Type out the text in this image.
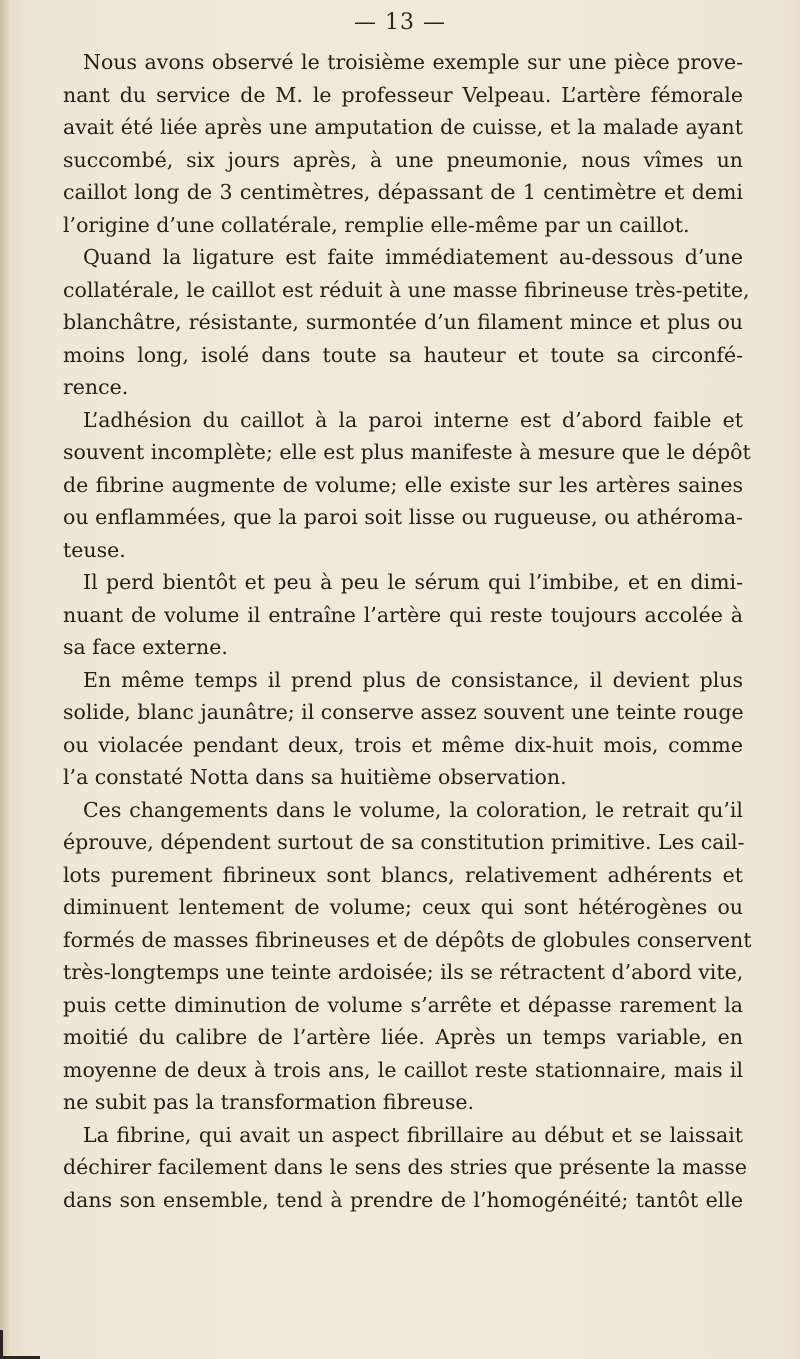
— 13 —
Nous avons observé le troisième exemple sur une pièce prove-
nant du service de M. le professeur Velpeau. L’artère fémorale
avait été liée après une amputation de cuisse, et la malade ayant
succombé, six jours après, à une pneumonie, nous vîmes un
caillot long de 3 centimètres, dépassant de 1 centimètre et demi
l’origine d’une collatérale, remplie elle-même par un caillot.
Quand la ligature est faite immédiatement au-dessous d’une
collatérale, le caillot est réduit à une masse fibrineuse très-petite,
blanchâtre, résistante, surmontée d’un filament mince et plus ou
moins long, isolé dans toute sa hauteur et toute sa circonfé-
rence.
L’adhésion du caillot à la paroi interne est d’abord faible et
souvent incomplète; elle est plus manifeste à mesure que le dépôt
de fibrine augmente de volume; elle existe sur les artères saines
ou enflammées, que la paroi soit lisse ou rugueuse, ou athéroma-
teuse.
Il perd bientôt et peu à peu le sérum qui l’imbibe, et en dimi-
nuant de volume il entraîne l’artère qui reste toujours accolée à
sa face externe.
En même temps il prend plus de consistance, il devient plus
solide, blanc jaunâtre; il conserve assez souvent une teinte rouge
ou violacée pendant deux, trois et même dix-huit mois, comme
l’a constaté Notta dans sa huitième observation.
Ces changements dans le volume, la coloration, le retrait qu’il
éprouve, dépendent surtout de sa constitution primitive. Les cail-
lots purement fibrineux sont blancs, relativement adhérents et
diminuent lentement de volume; ceux qui sont hétérogènes ou
formés de masses fibrineuses et de dépôts de globules conservent
très-longtemps une teinte ardoisée; ils se rétractent d’abord vite,
puis cette diminution de volume s’arrête et dépasse rarement la
moitié du calibre de l’artère liée. Après un temps variable, en
moyenne de deux à trois ans, le caillot reste stationnaire, mais il
ne subit pas la transformation fibreuse.
La fibrine, qui avait un aspect fibrillaire au début et se laissait
déchirer facilement dans le sens des stries que présente la masse
dans son ensemble, tend à prendre de l’homogénéité; tantôt elle
